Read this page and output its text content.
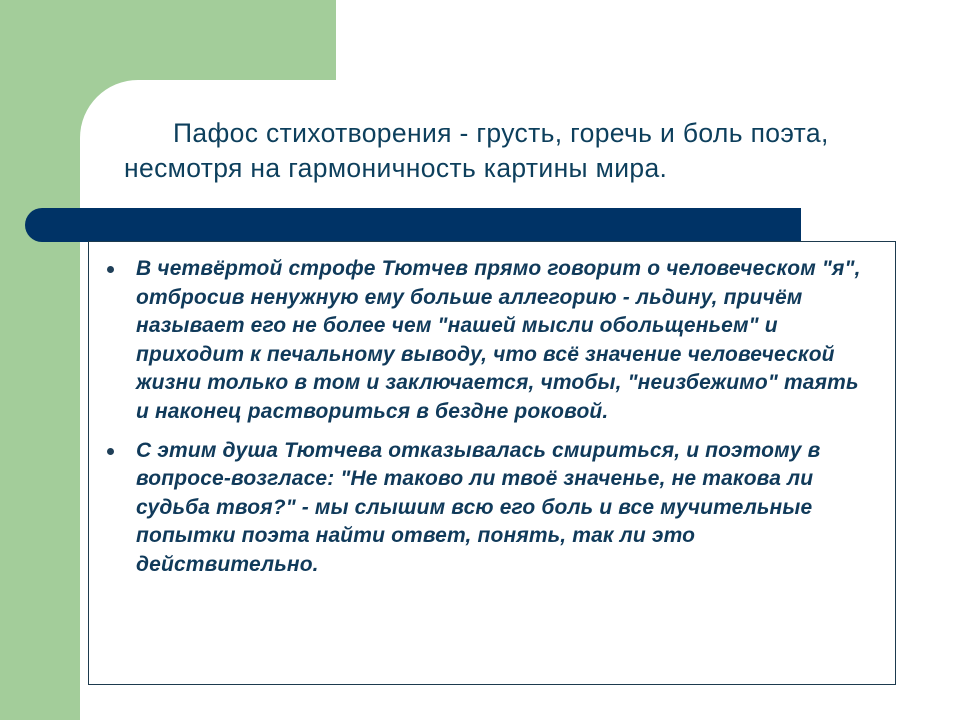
Пафос стихотворения - грусть, горечь и боль поэта, несмотря на гармоничность картины мира.
В четвёртой строфе Тютчев прямо говорит о человеческом "я", отбросив ненужную ему больше аллегорию - льдину, причём называет его не более чем "нашей мысли обольщеньем" и приходит к печальному выводу, что всё значение человеческой жизни только в том и заключается, чтобы, "неизбежимо" таять и наконец раствориться в бездне роковой.
С этим душа Тютчева отказывалась смириться, и поэтому в вопросе-возгласе: "Не таково ли твоё значенье, не такова ли судьба твоя?" - мы слышим всю его боль и все мучительные попытки поэта найти ответ, понять, так ли это действительно.
